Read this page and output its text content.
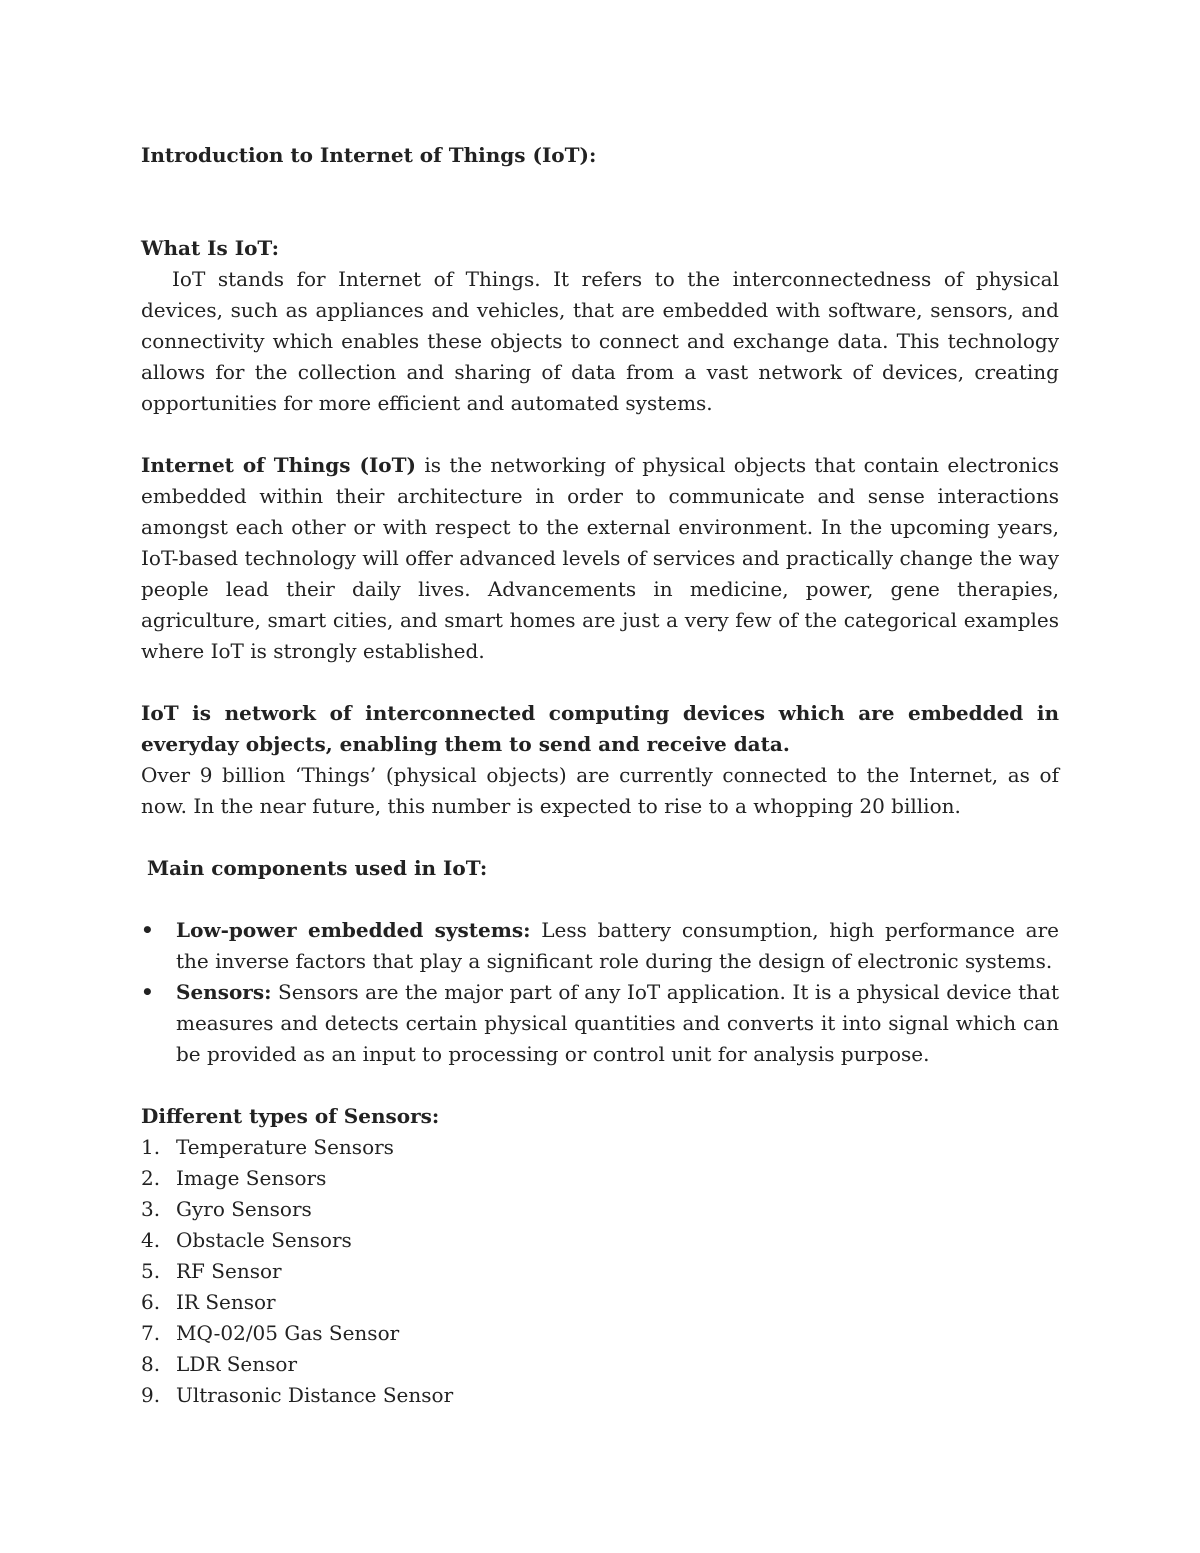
Introduction to Internet of Things (IoT):
What Is IoT:

IoT stands for Internet of Things. It refers to the interconnectedness of physical devices, such as appliances and vehicles, that are embedded with software, sensors, and connectivity which enables these objects to connect and exchange data. This technology allows for the collection and sharing of data from a vast network of devices, creating opportunities for more efficient and automated systems.

Internet of Things (IoT) is the networking of physical objects that contain electronics embedded within their architecture in order to communicate and sense interactions amongst each other or with respect to the external environment. In the upcoming years, IoT-based technology will offer advanced levels of services and practically change the way people lead their daily lives. Advancements in medicine, power, gene therapies, agriculture, smart cities, and smart homes are just a very few of the categorical examples where IoT is strongly established.

IoT is network of interconnected computing devices which are embedded in everyday objects, enabling them to send and receive data.

Over 9 billion ‘Things’ (physical objects) are currently connected to the Internet, as of now. In the near future, this number is expected to rise to a whopping 20 billion.

Main components used in IoT:
• Low-power embedded systems: Less battery consumption, high performance are the inverse factors that play a significant role during the design of electronic systems.
• Sensors: Sensors are the major part of any IoT application. It is a physical device that measures and detects certain physical quantities and converts it into signal which can be provided as an input to processing or control unit for analysis purpose.
Different types of Sensors:
1. Temperature Sensors
2. Image Sensors
3. Gyro Sensors
4. Obstacle Sensors
5. RF Sensor
6. IR Sensor
7. MQ-02/05 Gas Sensor
8. LDR Sensor
9. Ultrasonic Distance Sensor
